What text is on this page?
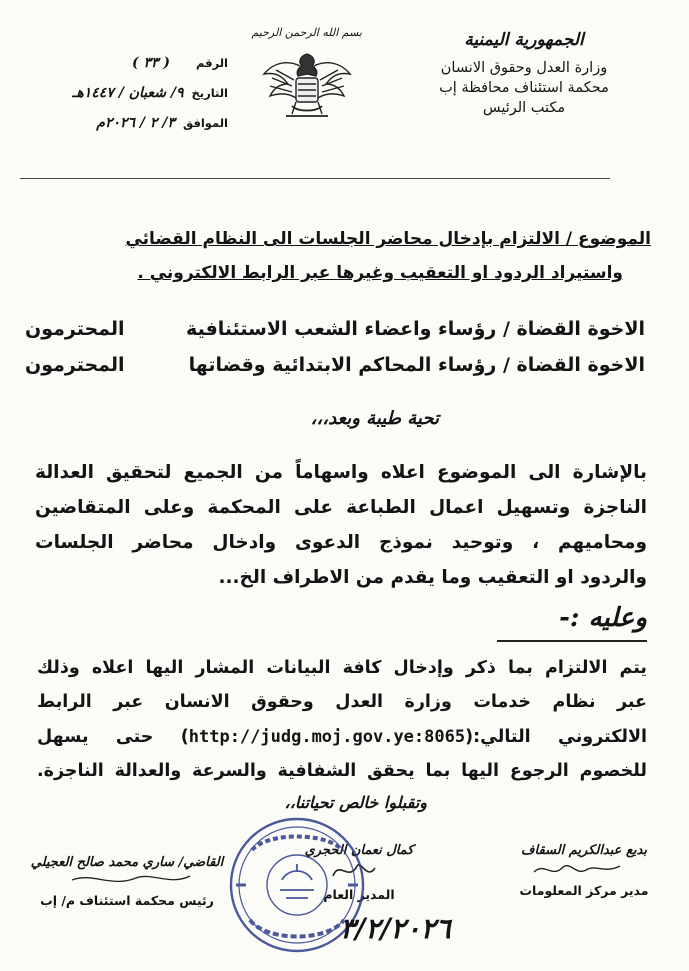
الجمهورية اليمنية
وزارة العدل وحقوق الانسان
محكمة استئناف محافظة إب
مكتب الرئيس
بسم الله الرحمن الرحيم
الرقم ( ٣٣ )
التاريخ ٩/ شعبان / ١٤٤٧هـ
الموافق ٣/ ٢ / ٢٠٢٦م
الموضوع / الالتزام بإدخال محاضر الجلسات الى النظام القضائي
واستيراد الردود او التعقيب وغيرها عبر الرابط الالكتروني .
الاخوة القضاة / رؤساء واعضاء الشعب الاستئنافية
المحترمون
الاخوة القضاة / رؤساء المحاكم الابتدائية وقضاتها
المحترمون
تحية طيبة وبعد،،،
بالإشارة الى الموضوع اعلاه واسهاماً من الجميع لتحقيق العدالة
الناجزة وتسهيل اعمال الطباعة على المحكمة وعلى المتقاضين
ومحاميهم ، وتوحيد نموذج الدعوى وادخال محاضر الجلسات
والردود او التعقيب وما يقدم من الاطراف الخ...
وعليه :-
يتم الالتزام بما ذكر وإدخال كافة البيانات المشار اليها اعلاه وذلك
عبر نظام خدمات وزارة العدل وحقوق الانسان عبر الرابط
الالكتروني التالي:(http://judg.moj.gov.ye:8065) حتى يسهل
للخصوم الرجوع اليها بما يحقق الشفافية والسرعة والعدالة الناجزة.
وتقبلوا خالص تحياتنا،،
بديع عبدالكريم السقاف
مدير مركز المعلومات
كمال نعمان الحجري
المدير العام
القاضي/ ساري محمد صالح العجيلي
رئيس محكمة استئناف م/ إب
٣/٢/٢٠٢٦
